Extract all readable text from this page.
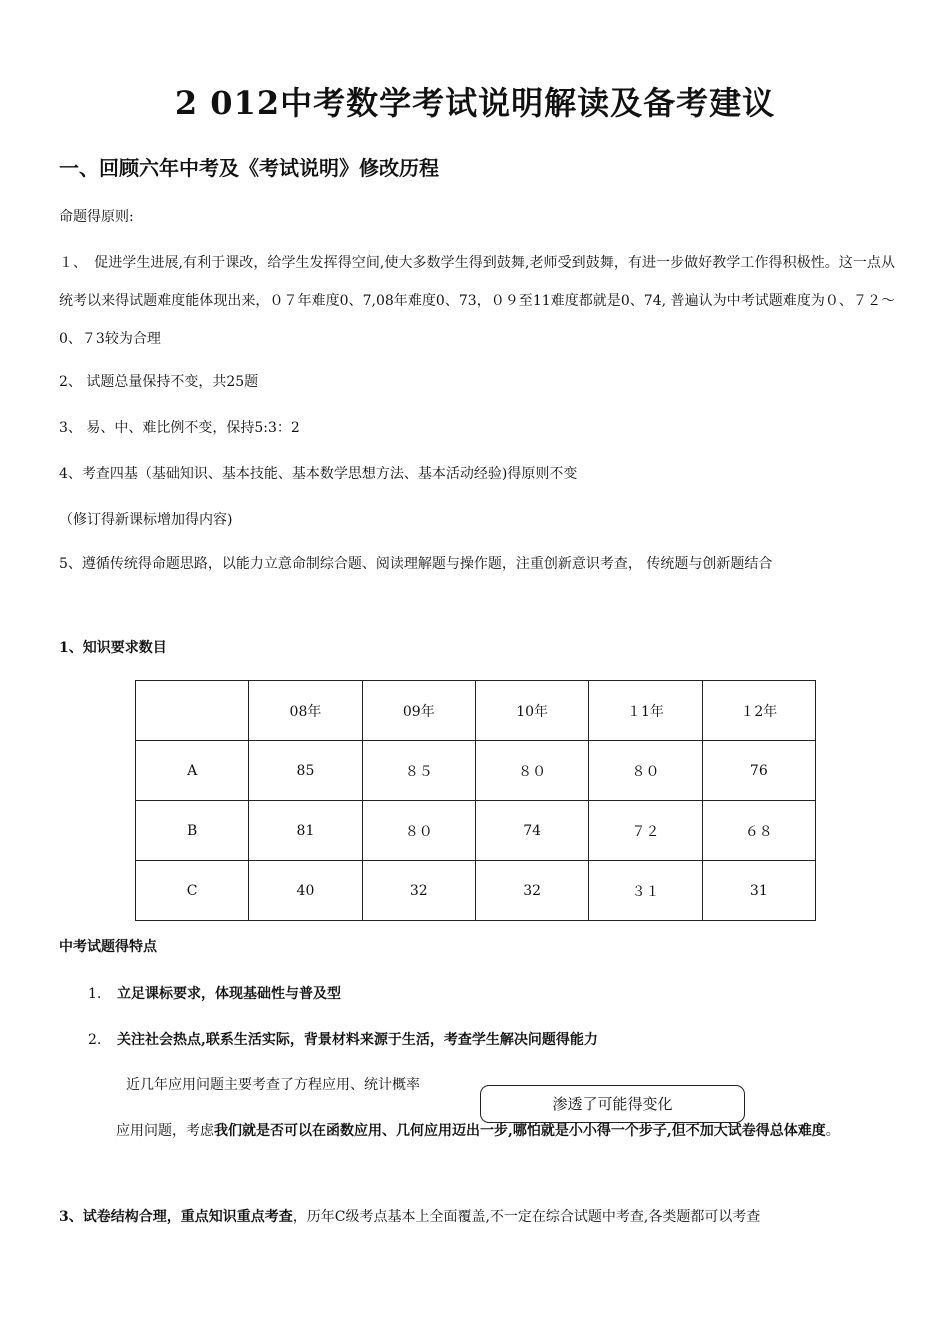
2 012中考数学考试说明解读及备考建议
一、回顾六年中考及《考试说明》修改历程
命题得原则:
１、　促进学生进展,有利于课改，给学生发挥得空间,使大多数学生得到鼓舞,老师受到鼓舞，有进一步做好教学工作得积极性。这一点从统考以来得试题难度能体现出来，０７年难度0、7,08年难度0、73，０９至11难度都就是0、74, 普遍认为中考试题难度为０、７２～0、７3较为合理
2、 试题总量保持不变，共25题
3、 易、中、难比例不变，保持5:3：2
4、考查四基（基础知识、基本技能、基本数学思想方法、基本活动经验)得原则不变
（修订得新课标增加得内容)
5、遵循传统得命题思路，以能力立意命制综合题、阅读理解题与操作题，注重创新意识考查， 传统题与创新题结合
1、知识要求数目
	08年	09年	10年	１1年	１2年
A	85	８５	８０	８０	76
B	81	８０	74	７２	６８
C	40	32	32	３１	31
中考试题得特点
1. 立足课标要求，体现基础性与普及型
2. 关注社会热点,联系生活实际，背景材料来源于生活，考查学生解决问题得能力
近几年应用问题主要考查了方程应用、统计概率
应用问题，考虑我们就是否可以在函数应用、几何应用迈出一步,哪怕就是小小得一个步子,但不加大试卷得总体难度。
渗透了可能得变化
3、试卷结构合理，重点知识重点考查，历年C级考点基本上全面覆盖,不一定在综合试题中考查,各类题都可以考查
